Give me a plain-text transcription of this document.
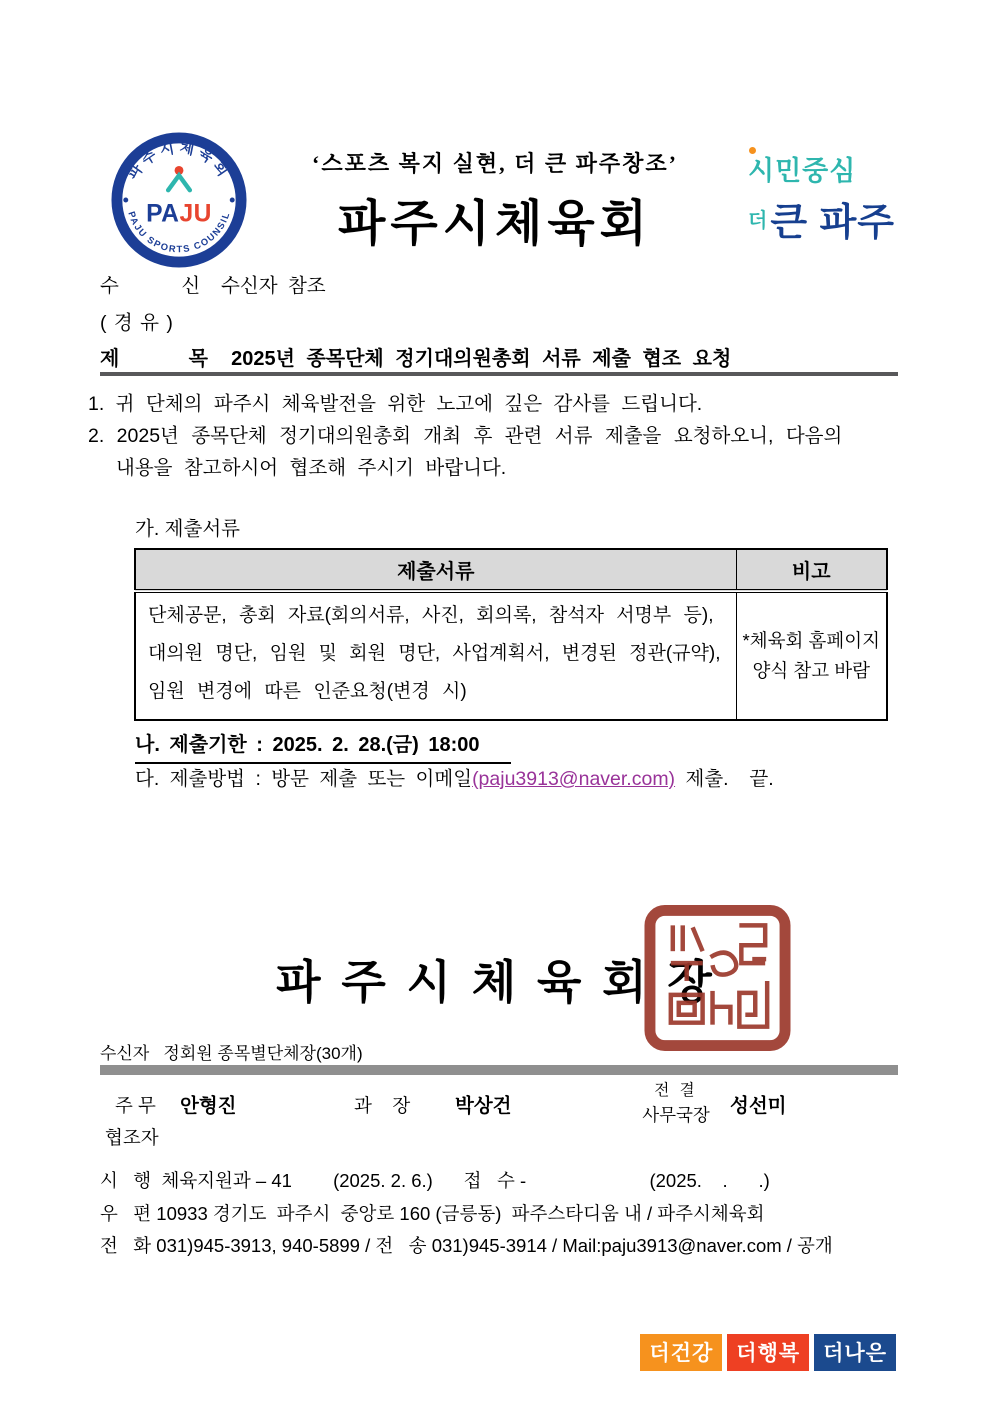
파주시체육회
PAJU SPORTS COUNSIL
PAJU
‘스포츠 복지 실현, 더 큰 파주창조’
파주시체육회
시민중심
더 큰 파주
수      신  수신자 참조
( 경 유 )
제      목  2025년 종목단체 정기대의원총회 서류 제출 협조 요청
1. 귀 단체의 파주시 체육발전을 위한 노고에 깊은 감사를 드립니다.
2. 2025년 종목단체 정기대의원총회 개최 후 관련 서류 제출을 요청하오니, 다음의
내용을 참고하시어 협조해 주시기 바랍니다.
가. 제출서류
제출서류	비고

단체공문, 총회 자료(회의서류, 사진, 회의록, 참석자 서명부 등),
대의원 명단, 임원 및 회원 명단, 사업계획서, 변경된 정관(규약),
임원 변경에 따른 인준요청(변경 시)

*체육회 홈페이지
양식 참고 바람
나. 제출기한 : 2025. 2. 28.(금) 18:00
다. 제출방법 : 방문 제출 또는 이메일(paju3913@naver.com) 제출.  끝.
파 주 시 체 육 회 장
수신자   정회원 종목별단체장(30개)
주 무 안형진	과    장 박상건
전 결
사무국장	성선미
협조자
시   행  체육지원과 – 41        (2025. 2. 6.)      접   수 -                        (2025.    .      .)
우   편 10933 경기도  파주시  중앙로 160 (금릉동)  파주스타디움 내 / 파주시체육회
전   화 031)945-3913, 940-5899 / 전   송 031)945-3914 / Mail:paju3913@naver.com / 공개
더건강	더행복	더나은
